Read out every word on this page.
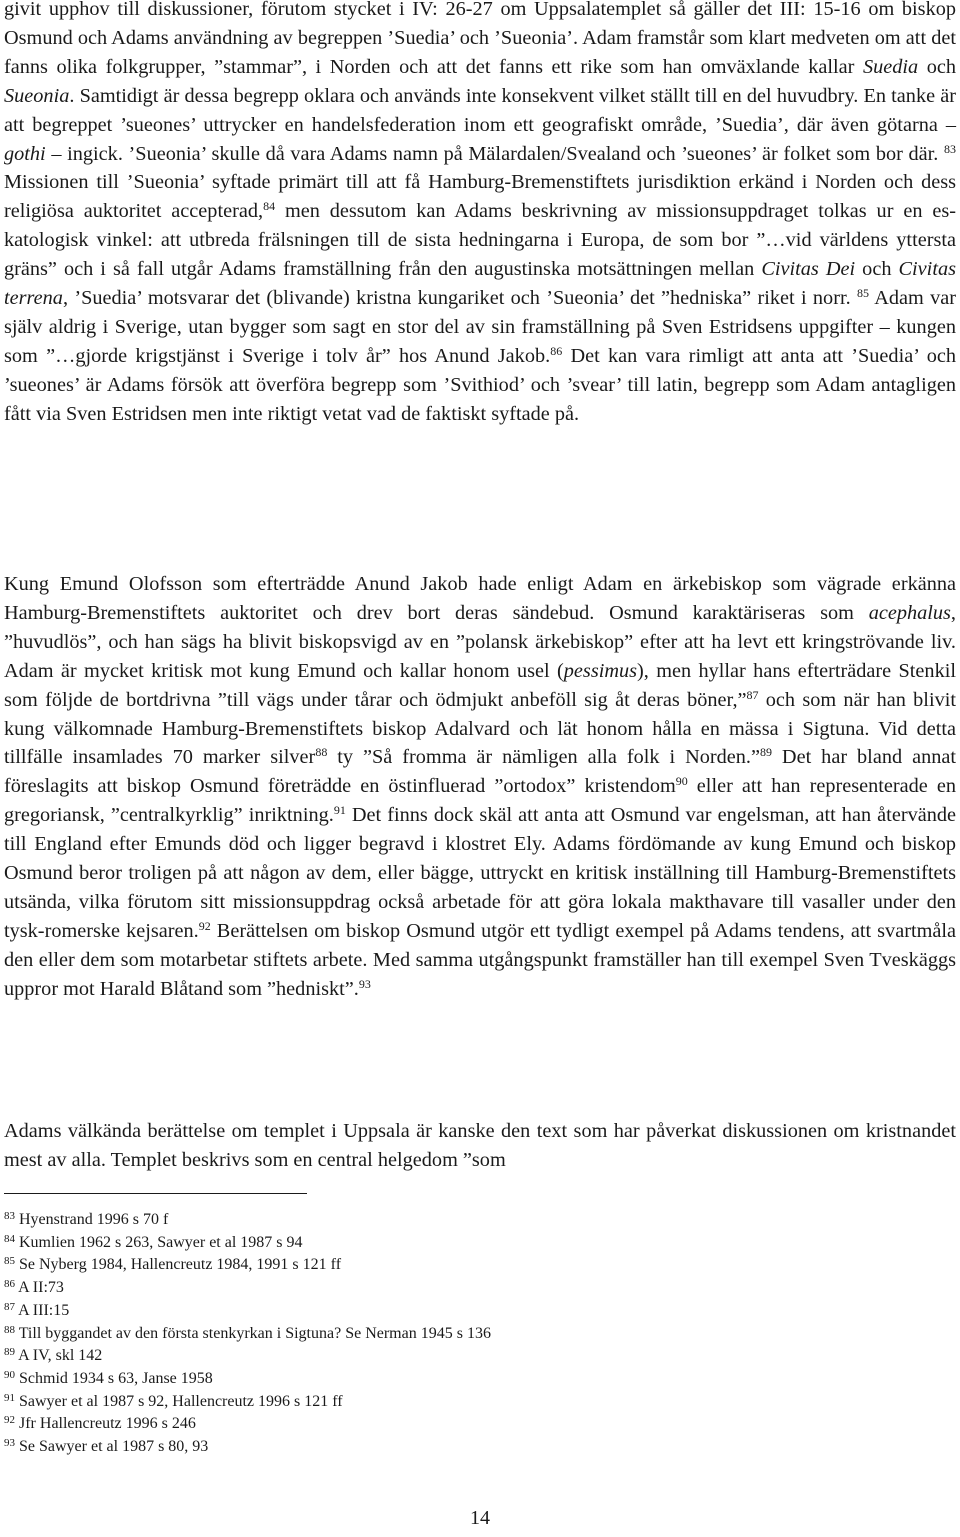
givit upphov till diskussioner, förutom stycket i IV: 26-27 om Uppsalatemplet så gäller det III: 15-16 om biskop Osmund och Adams användning av begreppen ’Suedia’ och ’Sueonia’. Adam framstår som klart medveten om att det fanns olika folkgrupper, ”stammar”, i Norden och att det fanns ett rike som han omväxlande kallar Suedia och Sueonia. Samtidigt är dessa begrepp oklara och används inte konsekvent vilket ställt till en del huvudbry. En tanke är att begreppet ’sueones’ uttrycker en handelsfederation inom ett geografiskt område, ’Suedia’, där även götarna – gothi – ingick. ’Sueonia’ skulle då vara Adams namn på Mälardalen/Svealand och ’sueones’ är folket som bor där. $^{83}$ Missionen till ’Sueonia’ syftade primärt till att få Hamburg-Bremenstiftets jurisdiktion erkänd i Norden och dess religiösa auktoritet accepterad,$^{84}$ men dessutom kan Adams beskrivning av missionsuppdraget tolkas ur en eskatologisk vinkel: att utbreda frälsningen till de sista hedningarna i Europa, de som bor ”…vid världens yttersta gräns” och i så fall utgår Adams framställning från den augustinska motsättningen mellan Civitas Dei och Civitas terrena, ’Suedia’ motsvarar det (blivande) kristna kungariket och ’Sueonia’ det ”hedniska” riket i norr. $^{85}$ Adam var själv aldrig i Sverige, utan bygger som sagt en stor del av sin framställning på Sven Estridsens uppgifter – kungen som ”…gjorde krigstjänst i Sverige i tolv år” hos Anund Jakob.$^{86}$ Det kan vara rimligt att anta att ’Suedia’ och ’sueones’ är Adams försök att överföra begrepp som ’Svithiod’ och ’svear’ till latin, begrepp som Adam antagligen fått via Sven Estridsen men inte riktigt vetat vad de faktiskt syftade på.

Kung Emund Olofsson som efterträdde Anund Jakob hade enligt Adam en ärkebiskop som vägrade erkänna Hamburg-Bremenstiftets auktoritet och drev bort deras sändebud. Osmund karaktäriseras som acephalus, ”huvudlös”, och han sägs ha blivit biskopsvigd av en ”polansk ärkebiskop” efter att ha levt ett kringströvande liv. Adam är mycket kritisk mot kung Emund och kallar honom usel (pessimus), men hyllar hans efterträdare Stenkil som följde de bortdrivna ”till vägs under tårar och ödmjukt anbeföll sig åt deras böner,”$^{87}$ och som när han blivit kung välkomnade Hamburg-Bremenstiftets biskop Adalvard och lät honom hålla en mässa i Sigtuna. Vid detta tillfälle insamlades 70 marker silver$^{88}$ ty ”Så fromma är nämligen alla folk i Norden.”$^{89}$ Det har bland annat föreslagits att biskop Osmund företrädde en östinfluerad ”ortodox” kristendom$^{90}$ eller att han representerade en gregoriansk, ”centralkyrklig” inriktning.$^{91}$ Det finns dock skäl att anta att Osmund var engelsman, att han återvände till England efter Emunds död och ligger begravd i klostret Ely. Adams fördömande av kung Emund och biskop Osmund beror troligen på att någon av dem, eller bägge, uttryckt en kritisk inställning till Hamburg-Bremenstiftets utsända, vilka förutom sitt missionsuppdrag också arbetade för att göra lokala makthavare till vasaller under den tysk-romerske kejsaren.$^{92}$ Berättelsen om biskop Osmund utgör ett tydligt exempel på Adams tendens, att svartmåla den eller dem som motarbetar stiftets arbete. Med samma utgångspunkt framställer han till exempel Sven Tveskäggs uppror mot Harald Blåtand som ”hedniskt”.$^{93}$

Adams välkända berättelse om templet i Uppsala är kanske den text som har påverkat diskussionen om kristnandet mest av alla. Templet beskrivs som en central helgedom ”som

$^{83}$ Hyenstrand 1996 s 70 f

$^{84}$ Kumlien 1962 s 263, Sawyer et al 1987 s 94

$^{85}$ Se Nyberg 1984, Hallencreutz 1984, 1991 s 121 ff

$^{86}$ A II:73

$^{87}$ A III:15

$^{88}$ Till byggandet av den första stenkyrkan i Sigtuna? Se Nerman 1945 s 136

$^{89}$ A IV, skl 142

$^{90}$ Schmid 1934 s 63, Janse 1958

$^{91}$ Sawyer et al 1987 s 92, Hallencreutz 1996 s 121 ff

$^{92}$ Jfr Hallencreutz 1996 s 246

$^{93}$ Se Sawyer et al 1987 s 80, 93

14
